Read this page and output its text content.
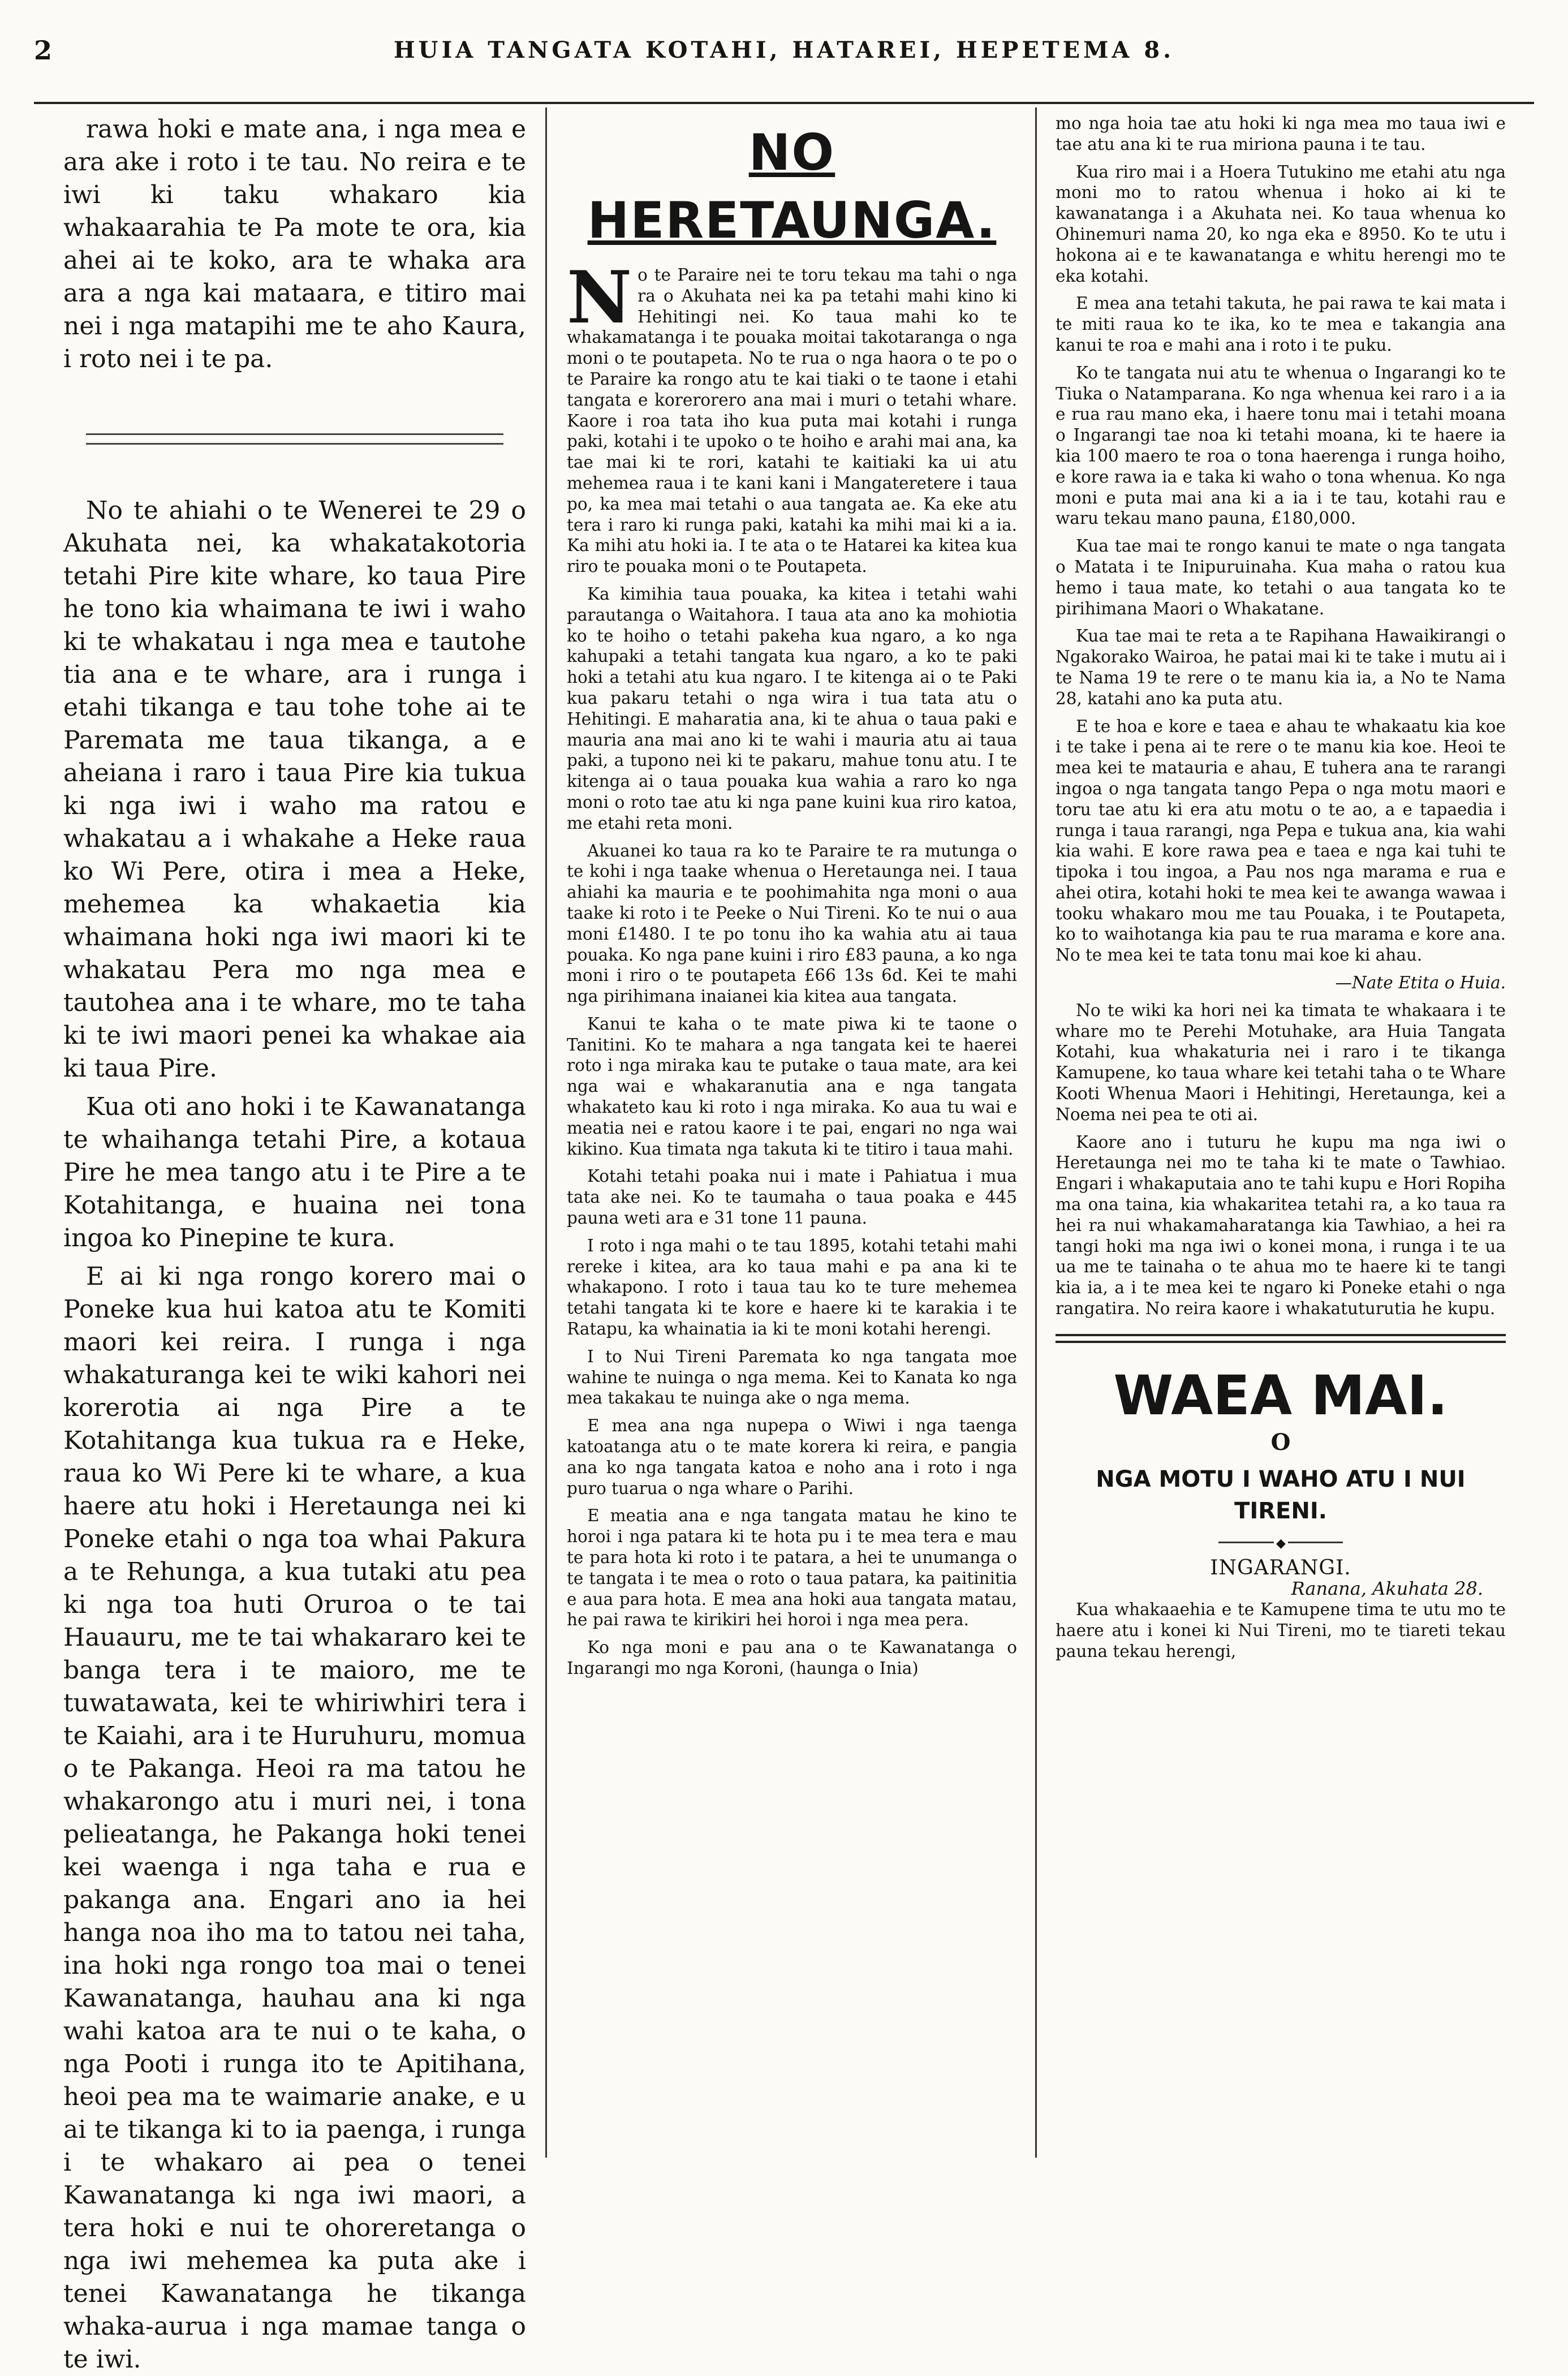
2	HUIA TANGATA KOTAHI, HATAREI, HEPETEMA 8.

rawa hoki e mate ana, i nga mea e ara ake i roto i te tau. No reira e te iwi ki taku whakaro kia whakaarahia te Pa mote te ora, kia ahei ai te koko, ara te whaka ara ara a nga kai mataara, e titiro mai nei i nga matapihi me te aho Kaura, i roto nei i te pa.

No te ahiahi o te Wenerei te 29 o Akuhata nei, ka whakatakotoria tetahi Pire kite whare, ko taua Pire he tono kia whaimana te iwi i waho ki te whakatau i nga mea e tautohe tia ana e te whare, ara i runga i etahi tikanga e tau tohe tohe ai te Paremata me taua tikanga, a e aheiana i raro i taua Pire kia tukua ki nga iwi i waho ma ratou e whakatau a i whakahe a Heke raua ko Wi Pere, otira i mea a Heke, mehemea ka whakaetia kia whaimana hoki nga iwi maori ki te whakatau Pera mo nga mea e tautohea ana i te whare, mo te taha ki te iwi maori penei ka whakae aia ki taua Pire.

Kua oti ano hoki i te Kawanatanga te whaihanga tetahi Pire, a kotaua Pire he mea tango atu i te Pire a te Kotahitanga, e huaina nei tona ingoa ko Pinepine te kura.

E ai ki nga rongo korero mai o Poneke kua hui katoa atu te Komiti maori kei reira. I runga i nga whakaturanga kei te wiki kahori nei korerotia ai nga Pire a te Kotahitanga kua tukua ra e Heke, raua ko Wi Pere ki te whare, a kua haere atu hoki i Heretaunga nei ki Poneke etahi o nga toa whai Pakura a te Rehunga, a kua tutaki atu pea ki nga toa huti Oruroa o te tai Hauauru, me te tai whakararo kei te banga tera i te maioro, me te tuwatawata, kei te whiriwhiri tera i te Kaiahi, ara i te Huruhuru, momua o te Pakanga. Heoi ra ma tatou he whakarongo atu i muri nei, i tona pelieatanga, he Pakanga hoki tenei kei waenga i nga taha e rua e pakanga ana. Engari ano ia hei hanga noa iho ma to tatou nei taha, ina hoki nga rongo toa mai o tenei Kawanatanga, hauhau ana ki nga wahi katoa ara te nui o te kaha, o nga Pooti i runga ito te Apitihana, heoi pea ma te waimarie anake, e u ai te tikanga ki to ia paenga, i runga i te whakaro ai pea o tenei Kawanatanga ki nga iwi maori, a tera hoki e nui te ohoreretanga o nga iwi mehemea ka puta ake i tenei Kawanatanga he tikanga whaka-aurua i nga mamae tanga o te iwi.

NO HERETAUNGA.

No te Paraire nei te toru tekau ma tahi o nga ra o Akuhata nei ka pa tetahi mahi kino ki Hehitingi nei. Ko taua mahi ko te whakamatanga i te pouaka moitai takotaranga o nga moni o te poutapeta. No te rua o nga haora o te po o te Paraire ka rongo atu te kai tiaki o te taone i etahi tangata e korerorero ana mai i muri o tetahi whare. Kaore i roa tata iho kua puta mai kotahi i runga paki, kotahi i te upoko o te hoiho e arahi mai ana, ka tae mai ki te rori, katahi te kaitiaki ka ui atu mehemea raua i te kani kani i Mangateretere i taua po, ka mea mai tetahi o aua tangata ae. Ka eke atu tera i raro ki runga paki, katahi ka mihi mai ki a ia. Ka mihi atu hoki ia. I te ata o te Hatarei ka kitea kua riro te pouaka moni o te Poutapeta.

Ka kimihia taua pouaka, ka kitea i tetahi wahi parautanga o Waitahora. I taua ata ano ka mohiotia ko te hoiho o tetahi pakeha kua ngaro, a ko nga kahupaki a tetahi tangata kua ngaro, a ko te paki hoki a tetahi atu kua ngaro. I te kitenga ai o te Paki kua pakaru tetahi o nga wira i tua tata atu o Hehitingi. E maharatia ana, ki te ahua o taua paki e mauria ana mai ano ki te wahi i mauria atu ai taua paki, a tupono nei ki te pakaru, mahue tonu atu. I te kitenga ai o taua pouaka kua wahia a raro ko nga moni o roto tae atu ki nga pane kuini kua riro katoa, me etahi reta moni.

Akuanei ko taua ra ko te Paraire te ra mutunga o te kohi i nga taake whenua o Heretaunga nei. I taua ahiahi ka mauria e te poohimahita nga moni o aua taake ki roto i te Peeke o Nui Tireni. Ko te nui o aua moni £1480. I te po tonu iho ka wahia atu ai taua pouaka. Ko nga pane kuini i riro £83 pauna, a ko nga moni i riro o te poutapeta £66 13s 6d. Kei te mahi nga pirihimana inaianei kia kitea aua tangata.

Kanui te kaha o te mate piwa ki te taone o Tanitini. Ko te mahara a nga tangata kei te haerei roto i nga miraka kau te putake o taua mate, ara kei nga wai e whakaranutia ana e nga tangata whakateto kau ki roto i nga miraka. Ko aua tu wai e meatia nei e ratou kaore i te pai, engari no nga wai kikino. Kua timata nga takuta ki te titiro i taua mahi.

Kotahi tetahi poaka nui i mate i Pahiatua i mua tata ake nei. Ko te taumaha o taua poaka e 445 pauna weti ara e 31 tone 11 pauna.

I roto i nga mahi o te tau 1895, kotahi tetahi mahi rereke i kitea, ara ko taua mahi e pa ana ki te whakapono. I roto i taua tau ko te ture mehemea tetahi tangata ki te kore e haere ki te karakia i te Ratapu, ka whainatia ia ki te moni kotahi herengi.

I to Nui Tireni Paremata ko nga tangata moe wahine te nuinga o nga mema. Kei to Kanata ko nga mea takakau te nuinga ake o nga mema.

E mea ana nga nupepa o Wiwi i nga taenga katoatanga atu o te mate korera ki reira, e pangia ana ko nga tangata katoa e noho ana i roto i nga puro tuarua o nga whare o Parihi.

E meatia ana e nga tangata matau he kino te horoi i nga patara ki te hota pu i te mea tera e mau te para hota ki roto i te patara, a hei te unumanga o te tangata i te mea o roto o taua patara, ka paitinitia e aua para hota. E mea ana hoki aua tangata matau, he pai rawa te kirikiri hei horoi i nga mea pera.

Ko nga moni e pau ana o te Kawanatanga o Ingarangi mo nga Koroni, (haunga o Inia)

mo nga hoia tae atu hoki ki nga mea mo taua iwi e tae atu ana ki te rua miriona pauna i te tau.

Kua riro mai i a Hoera Tutukino me etahi atu nga moni mo to ratou whenua i hoko ai ki te kawanatanga i a Akuhata nei. Ko taua whenua ko Ohinemuri nama 20, ko nga eka e 8950. Ko te utu i hokona ai e te kawanatanga e whitu herengi mo te eka kotahi.

E mea ana tetahi takuta, he pai rawa te kai mata i te miti raua ko te ika, ko te mea e takangia ana kanui te roa e mahi ana i roto i te puku.

Ko te tangata nui atu te whenua o Ingarangi ko te Tiuka o Natamparana. Ko nga whenua kei raro i a ia e rua rau mano eka, i haere tonu mai i tetahi moana o Ingarangi tae noa ki tetahi moana, ki te haere ia kia 100 maero te roa o tona haerenga i runga hoiho, e kore rawa ia e taka ki waho o tona whenua. Ko nga moni e puta mai ana ki a ia i te tau, kotahi rau e waru tekau mano pauna, £180,000.

Kua tae mai te rongo kanui te mate o nga tangata o Matata i te Inipuruinaha. Kua maha o ratou kua hemo i taua mate, ko tetahi o aua tangata ko te pirihimana Maori o Whakatane.

Kua tae mai te reta a te Rapihana Hawaikirangi o Ngakorako Wairoa, he patai mai ki te take i mutu ai i te Nama 19 te rere o te manu kia ia, a No te Nama 28, katahi ano ka puta atu.

E te hoa e kore e taea e ahau te whakaatu kia koe i te take i pena ai te rere o te manu kia koe. Heoi te mea kei te matauria e ahau, E tuhera ana te rarangi ingoa o nga tangata tango Pepa o nga motu maori e toru tae atu ki era atu motu o te ao, a e tapaedia i runga i taua rarangi, nga Pepa e tukua ana, kia wahi kia wahi. E kore rawa pea e taea e nga kai tuhi te tipoka i tou ingoa, a Pau nos nga marama e rua e ahei otira, kotahi hoki te mea kei te awanga wawaa i tooku whakaro mou me tau Pouaka, i te Poutapeta, ko to waihotanga kia pau te rua marama e kore ana. No te mea kei te tata tonu mai koe ki ahau.

—Nate Etita o Huia.

No te wiki ka hori nei ka timata te whakaara i te whare mo te Perehi Motuhake, ara Huia Tangata Kotahi, kua whakaturia nei i raro i te tikanga Kamupene, ko taua whare kei tetahi taha o te Whare Kooti Whenua Maori i Hehitingi, Heretaunga, kei a Noema nei pea te oti ai.

Kaore ano i tuturu he kupu ma nga iwi o Heretaunga nei mo te taha ki te mate o Tawhiao. Engari i whakaputaia ano te tahi kupu e Hori Ropiha ma ona taina, kia whakaritea tetahi ra, a ko taua ra hei ra nui whakamaharatanga kia Tawhiao, a hei ra tangi hoki ma nga iwi o konei mona, i runga i te ua ua me te tainaha o te ahua mo te haere ki te tangi kia ia, a i te mea kei te ngaro ki Poneke etahi o nga rangatira. No reira kaore i whakatuturutia he kupu.

WAEA MAI.
O
NGA MOTU I WAHO ATU I NUI TIRENI.
◆
INGARANGI.
Ranana, Akuhata 28.

Kua whakaaehia e te Kamupene tima te utu mo te haere atu i konei ki Nui Tireni, mo te tiareti tekau pauna tekau herengi,
